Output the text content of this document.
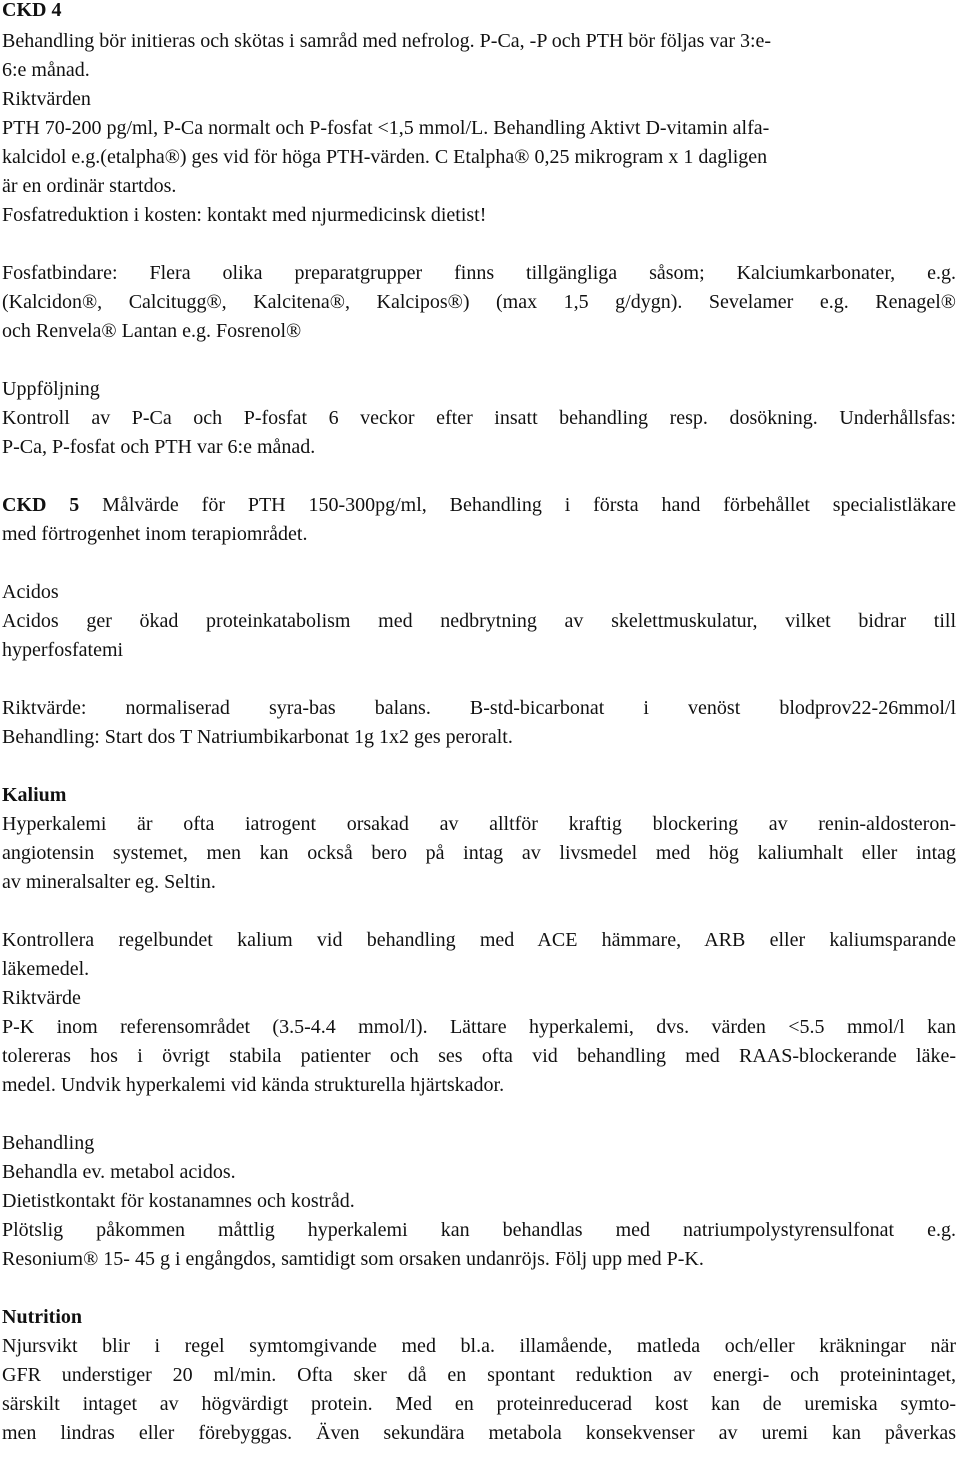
CKD 4
Behandling bör initieras och skötas i samråd med nefrolog. P-Ca, -P och PTH bör följas var 3:e-
6:e månad.
Riktvärden
PTH 70-200 pg/ml, P-Ca normalt och P-fosfat <1,5 mmol/L. Behandling Aktivt D-vitamin alfa-
kalcidol e.g.(etalpha®) ges vid för höga PTH-värden. C Etalpha® 0,25 mikrogram x 1 dagligen
är en ordinär startdos.
Fosfatreduktion i kosten: kontakt med njurmedicinsk dietist!
Fosfatbindare: Flera olika preparatgrupper finns tillgängliga såsom; Kalciumkarbonater, e.g.
(Kalcidon®, Calcitugg®, Kalcitena®, Kalcipos®) (max 1,5 g/dygn). Sevelamer e.g. Renagel®
och Renvela® Lantan e.g. Fosrenol®
Uppföljning
Kontroll av P-Ca och P-fosfat 6 veckor efter insatt behandling resp. dosökning. Underhållsfas:
P-Ca, P-fosfat och PTH var 6:e månad.
CKD 5 Målvärde för PTH 150-300pg/ml, Behandling i första hand förbehållet specialistläkare
med förtrogenhet inom terapiområdet.
Acidos
Acidos ger ökad proteinkatabolism med nedbrytning av skelettmuskulatur, vilket bidrar till
hyperfosfatemi
Riktvärde: normaliserad syra-bas balans. B-std-bicarbonat i venöst blodprov22-26mmol/l
Behandling: Start dos T Natriumbikarbonat 1g 1x2 ges peroralt.
Kalium
Hyperkalemi är ofta iatrogent orsakad av alltför kraftig blockering av renin-aldosteron-
angiotensin systemet, men kan också bero på intag av livsmedel med hög kaliumhalt eller intag
av mineralsalter eg. Seltin.
Kontrollera regelbundet kalium vid behandling med ACE hämmare, ARB eller kaliumsparande
läkemedel.
Riktvärde
P-K inom referensområdet (3.5-4.4 mmol/l). Lättare hyperkalemi, dvs. värden <5.5 mmol/l kan
tolereras hos i övrigt stabila patienter och ses ofta vid behandling med RAAS-blockerande läke-
medel. Undvik hyperkalemi vid kända strukturella hjärtskador.
Behandling
Behandla ev. metabol acidos.
Dietistkontakt för kostanamnes och kostråd.
Plötslig påkommen måttlig hyperkalemi kan behandlas med natriumpolystyrensulfonat e.g.
Resonium® 15- 45 g i engångdos, samtidigt som orsaken undanröjs. Följ upp med P-K.
Nutrition
Njursvikt blir i regel symtomgivande med bl.a. illamående, matleda och/eller kräkningar när
GFR understiger 20 ml/min. Ofta sker då en spontant reduktion av energi- och proteinintaget,
särskilt intaget av högvärdigt protein. Med en proteinreducerad kost kan de uremiska symto-
men lindras eller förebyggas. Även sekundära metabola konsekvenser av uremi kan påverkas
